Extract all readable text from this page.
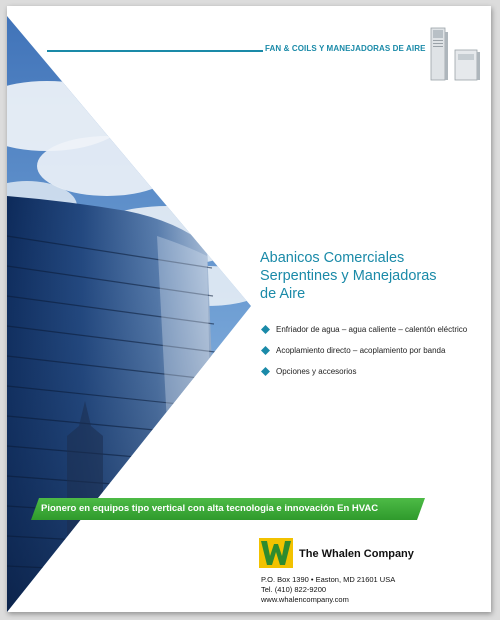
FAN & COILS Y MANEJADORAS DE AIRE
Abanicos Comerciales
Serpentines y Manejadoras
de Aire
Enfriador de agua – agua caliente – calentón eléctrico
Acoplamiento directo – acoplamiento por banda
Opciones y accesorios
Pionero en equipos tipo vertical con alta tecnologia e innovación En HVAC
The Whalen Company
P.O. Box 1390 • Easton, MD 21601 USA
Tel. (410) 822-9200
www.whalencompany.com
